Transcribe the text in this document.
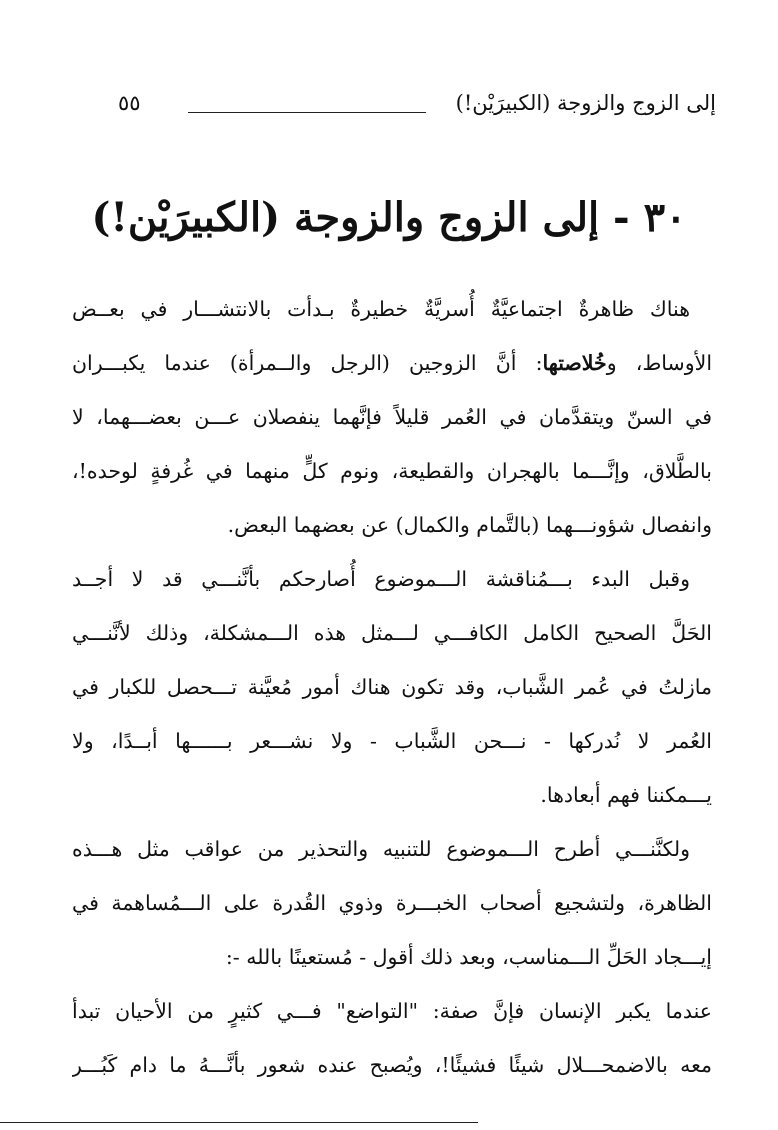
إلى الزوج والزوجة (الكبيرَيْن!)
٥٥
٣٠ - إلى الزوج والزوجة (الكبيرَيْن!)
هناك ظاهرةٌ اجتماعيَّةٌ أُسريَّةٌ خطيرةٌ بـدأت بالانتشـــار في بعــض
الأوساط، وخُلاصتها: أنَّ الزوجين (الرجل والــمرأة) عندما يكبـــران
في السنّ ويتقدَّمان في العُمر قليلاً فإنَّهما ينفصلان عـــن بعضـــهما، لا
بالطَّلاق، وإنَّـــما بالهجران والقطيعة، ونوم كلٍّ منهما في غُرفةٍ لوحده!،
وانفصال شؤونـــهما (بالتَّمام والكمال) عن بعضهما البعض.
وقبل البدء بـــمُناقشة الـــموضوع أُصارحكم بأنَّنـــي قد لا أجــد
الحَلَّ الصحيح الكامل الكافـــي لـــمثل هذه الـــمشكلة، وذلك لأنَّنـــي
مازلتُ في عُمر الشَّباب، وقد تكون هناك أمور مُعيَّنة تـــحصل للكبار في
العُمر لا نُدركها - نـــحن الشَّباب - ولا نشـــعر بــــــها أبــدًا، ولا
يـــمكننا فهم أبعادها.
ولكنَّنـــي أطرح الـــموضوع للتنبيه والتحذير من عواقب مثل هـــذه
الظاهرة، ولتشجيع أصحاب الخبـــرة وذوي القُدرة على الـــمُساهمة في
إيـــجاد الحَلِّ الـــمناسب، وبعد ذلك أقول - مُستعينًا بالله -:
عندما يكبر الإنسان فإنَّ صفة: "التواضع" فـــي كثيرٍ من الأحيان تبدأ
معه بالاضمحـــلال شيئًا فشيئًا!، ويُصبح عنده شعور بأنَّـــهُ ما دام كَبُـــر
